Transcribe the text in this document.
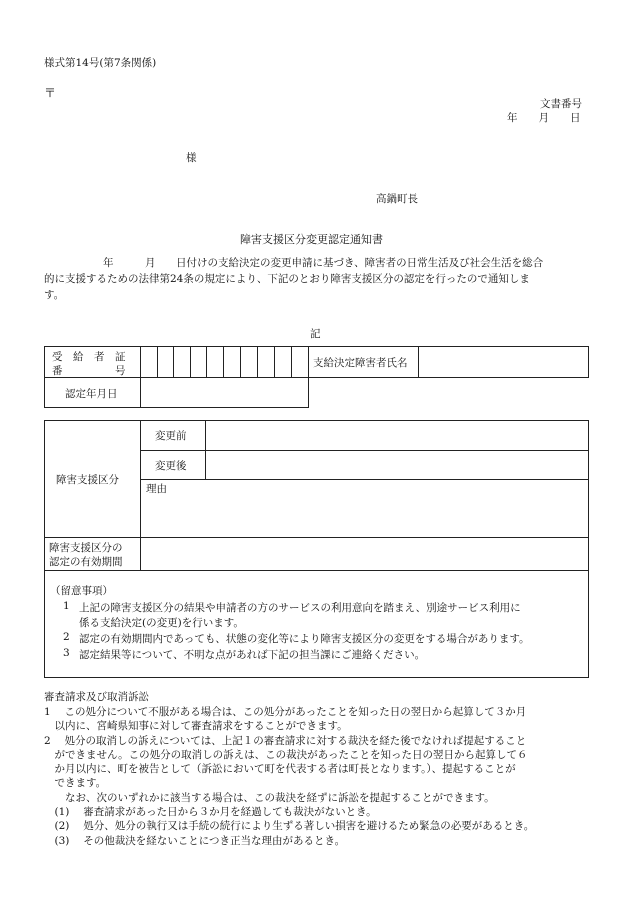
様式第14号(第7条関係)
〒
文書番号
年　　月　　日
様
高鍋町長
障害支援区分変更認定通知書
年	月 日付けの支給決定の変更申請に基づき、障害者の日常生活及び社会生活を総合
的に支援するための法律第24条の規定により、下記のとおり障害支援区分の認定を行ったので通知しま
す。
記
受　給　者　証
番　　　　　号
支給決定障害者氏名
認定年月日
障害支援区分
変更前
変更後
理由
障害支援区分の
認定の有効期間
（留意事項）
1 上記の障害支援区分の結果や申請者の方のサービスの利用意向を踏まえ、別途サービス利用に
係る支給決定(の変更)を行います。
2 認定の有効期間内であっても、状態の変化等により障害支援区分の変更をする場合があります。
3 認定結果等について、不明な点があれば下記の担当課にご連絡ください。
審査請求及び取消訴訟
1　 この処分について不服がある場合は、この処分があったことを知った日の翌日から起算して３か月
　以内に、宮崎県知事に対して審査請求をすることができます。
2　 処分の取消しの訴えについては、上記１の審査請求に対する裁決を経た後でなければ提起すること
　ができません。この処分の取消しの訴えは、この裁決があったことを知った日の翌日から起算して６
　か月以内に、町を被告として（訴訟において町を代表する者は町長となります。）、提起することが
　できます。
　　なお、次のいずれかに該当する場合は、この裁決を経ずに訴訟を提起することができます。
　(1)　 審査請求があった日から３か月を経過しても裁決がないとき。
　(2)　 処分、処分の執行又は手続の続行により生ずる著しい損害を避けるため緊急の必要があるとき。
　(3)　 その他裁決を経ないことにつき正当な理由があるとき。
